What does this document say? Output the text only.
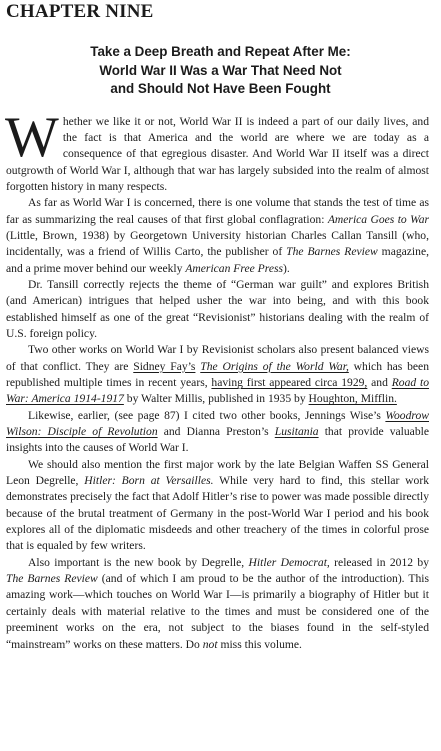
CHAPTER NINE
Take a Deep Breath and Repeat After Me:
World War II Was a War That Need Not
and Should Not Have Been Fought

Whether we like it or not, World War II is indeed a part of our daily lives, and the fact is that America and the world are where we are today as a consequence of that egregious disaster. And World War II itself was a direct outgrowth of World War I, although that war has largely subsided into the realm of almost forgotten history in many respects.

As far as World War I is concerned, there is one volume that stands the test of time as far as summarizing the real causes of that first global conflagration: America Goes to War (Little, Brown, 1938) by Georgetown University historian Charles Callan Tansill (who, incidentally, was a friend of Willis Carto, the publisher of The Barnes Review magazine, and a prime mover behind our weekly American Free Press).

Dr. Tansill correctly rejects the theme of “German war guilt” and explores British (and American) intrigues that helped usher the war into being, and with this book established himself as one of the great “Revisionist” historians dealing with the realm of U.S. foreign policy.

Two other works on World War I by Revisionist scholars also present balanced views of that conflict. They are Sidney Fay’s The Origins of the World War, which has been republished multiple times in recent years, having first appeared circa 1929, and Road to War: America 1914-1917 by Walter Millis, published in 1935 by Houghton, Mifflin.

Likewise, earlier, (see page 87) I cited two other books, Jennings Wise’s Woodrow Wilson: Disciple of Revolution and Dianna Preston’s Lusitania that provide valuable insights into the causes of World War I.

We should also mention the first major work by the late Belgian Waffen SS General Leon Degrelle, Hitler: Born at Versailles. While very hard to find, this stellar work demonstrates precisely the fact that Adolf Hitler’s rise to power was made possible directly because of the brutal treatment of Germany in the post-World War I period and his book explores all of the diplomatic misdeeds and other treachery of the times in colorful prose that is equaled by few writers.

Also important is the new book by Degrelle, Hitler Democrat, released in 2012 by The Barnes Review (and of which I am proud to be the author of the introduction). This amazing work—which touches on World War I—is primarily a biography of Hitler but it certainly deals with material relative to the times and must be considered one of the preeminent works on the era, not subject to the biases found in the self-styled “mainstream” works on these matters. Do not miss this volume.
